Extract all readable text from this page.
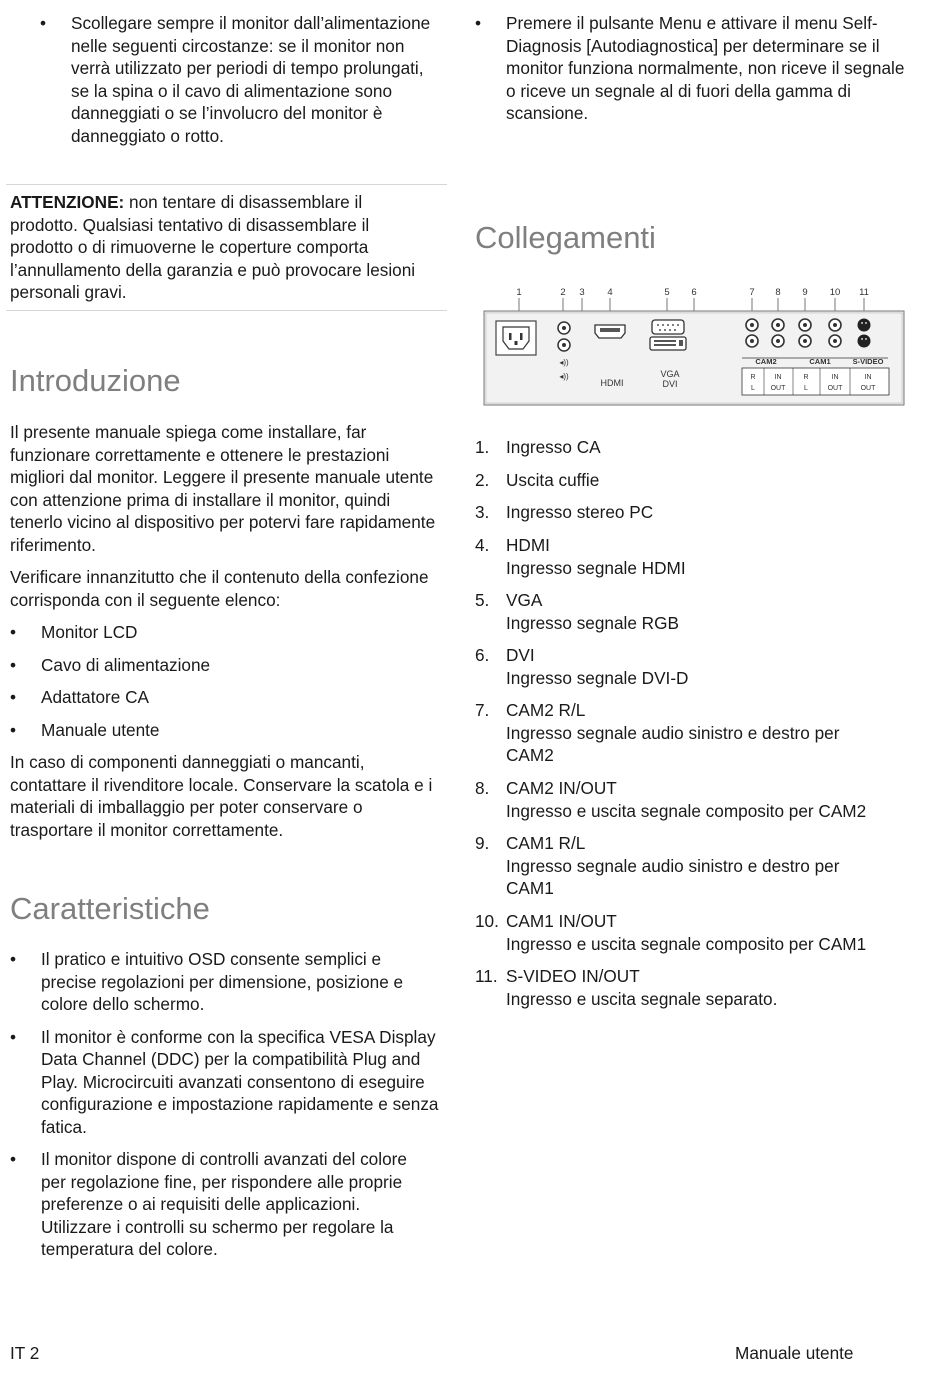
• Scollegare sempre il monitor dall’alimentazione nelle seguenti circostanze: se il monitor non verrà utilizzato per periodi di tempo prolungati, se la spina o il cavo di alimentazione sono danneggiati o se l’involucro del monitor è danneggiato o rotto.

ATTENZIONE: non tentare di disassemblare il prodotto. Qualsiasi tentativo di disassemblare il prodotto o di rimuoverne le coperture comporta l’annullamento della garanzia e può provocare lesioni personali gravi.

Introduzione

Il presente manuale spiega come installare, far funzionare correttamente e ottenere le prestazioni migliori dal monitor. Leggere il presente manuale utente con attenzione prima di installare il monitor, quindi tenerlo vicino al dispositivo per potervi fare rapidamente riferimento.

Verificare innanzitutto che il contenuto della confezione corrisponda con il seguente elenco:

• Monitor LCD
• Cavo di alimentazione
• Adattatore CA
• Manuale utente

In caso di componenti danneggiati o mancanti, contattare il rivenditore locale. Conservare la scatola e i materiali di imballaggio per poter conservare o trasportare il monitor correttamente.

Caratteristiche
• Il pratico e intuitivo OSD consente semplici e precise regolazioni per dimensione, posizione e colore dello schermo.

• Il monitor è conforme con la specifica VESA Display Data Channel (DDC) per la compatibilità Plug and Play. Microcircuiti avanzati consentono di eseguire configurazione e impostazione rapidamente e senza fatica.

• Il monitor dispone di controlli avanzati del colore per regolazione fine, per rispondere alle proprie preferenze o ai requisiti delle applicazioni. Utilizzare i controlli su schermo per regolare la temperatura del colore.

• Premere il pulsante Menu e attivare il menu Self-Diagnosis [Autodiagnostica] per determinare se il monitor funziona normalmente, non riceve il segnale o riceve un segnale al di fuori della gamma di scansione.

Collegamenti
1	2 3 4	5 6	7 8 9 10 11
◂))
◂))
HDMI
VGA
DVI
CAM2	CAM1	S-VIDEO
R
L
IN
OUT
R
L
IN
OUT
IN
OUT
1. Ingresso CA
2. Uscita cuffie
3. Ingresso stereo PC
4. HDMI
Ingresso segnale HDMI
5. VGA
Ingresso segnale RGB
6. DVI
Ingresso segnale DVI-D
7. CAM2 R/L
Ingresso segnale audio sinistro e destro per CAM2
8. CAM2 IN/OUT
Ingresso e uscita segnale composito per CAM2
9. CAM1 R/L
Ingresso segnale audio sinistro e destro per CAM1
10. CAM1 IN/OUT
Ingresso e uscita segnale composito per CAM1
11. S-VIDEO IN/OUT
Ingresso e uscita segnale separato.
IT 2	Manuale utente
